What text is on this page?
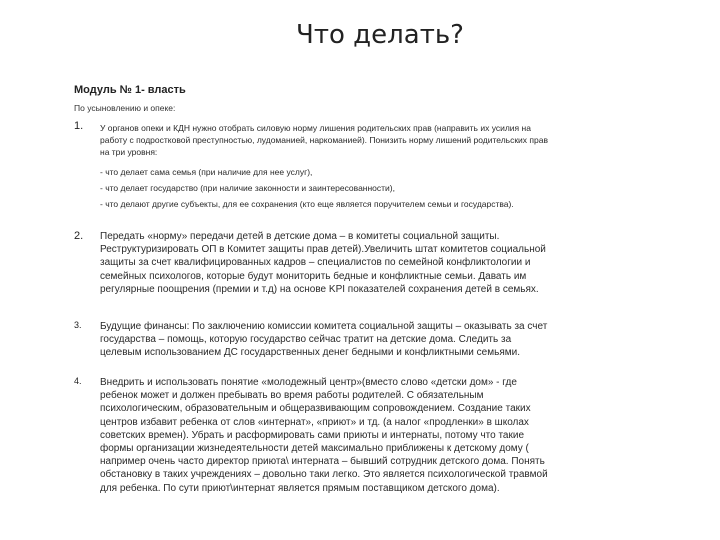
Что делать?
Модуль № 1- власть
По усыновлению и опеке:
1. У органов опеки и КДН нужно отобрать силовую норму лишения родительских прав (направить их усилия на работу с подростковой преступностью, лудоманией, наркоманией). Понизить норму лишений родительских прав на три уровня:
- что делает сама семья (при наличие для нее услуг),
- что делает государство (при наличие законности и заинтересованности),
- что делают другие субъекты, для ее сохранения (кто еще является поручителем семьи и государства).
2. Передать «норму» передачи детей в детские дома – в комитеты социальной защиты. Реструктуризировать ОП в Комитет защиты прав детей).Увеличить штат комитетов социальной защиты за счет квалифицированных кадров – специалистов по семейной конфликтологии и семейных психологов, которые будут мониторить бедные и конфликтные семьи. Давать им регулярные поощрения (премии и т.д) на основе KPI показателей сохранения детей в семьях.
3. Будущие финансы: По заключению комиссии комитета социальной защиты – оказывать за счет государства – помощь, которую государство сейчас тратит на детские дома. Следить за целевым использованием ДС государственных денег бедными и конфликтными семьями.
4. Внедрить и использовать понятие «молодежный центр»(вместо слово «детски дом» - где ребенок может и должен пребывать во время работы родителей. С обязательным психологическим, образовательным и общеразвивающим сопровождением. Создание таких центров избавит ребенка от слов «интернат», «приют» и тд. (а налог «продленки» в школах советских времен). Убрать и расформировать сами приюты и интернаты, потому что такие формы организации жизнедеятельности детей максимально приближены к детскому дому ( например очень часто директор приюта\ интерната – бывший сотрудник детского дома. Понять обстановку в таких учреждениях – довольно таки легко. Это является психологической травмой для ребенка. По сути приют\интернат является прямым поставщиком детского дома).
